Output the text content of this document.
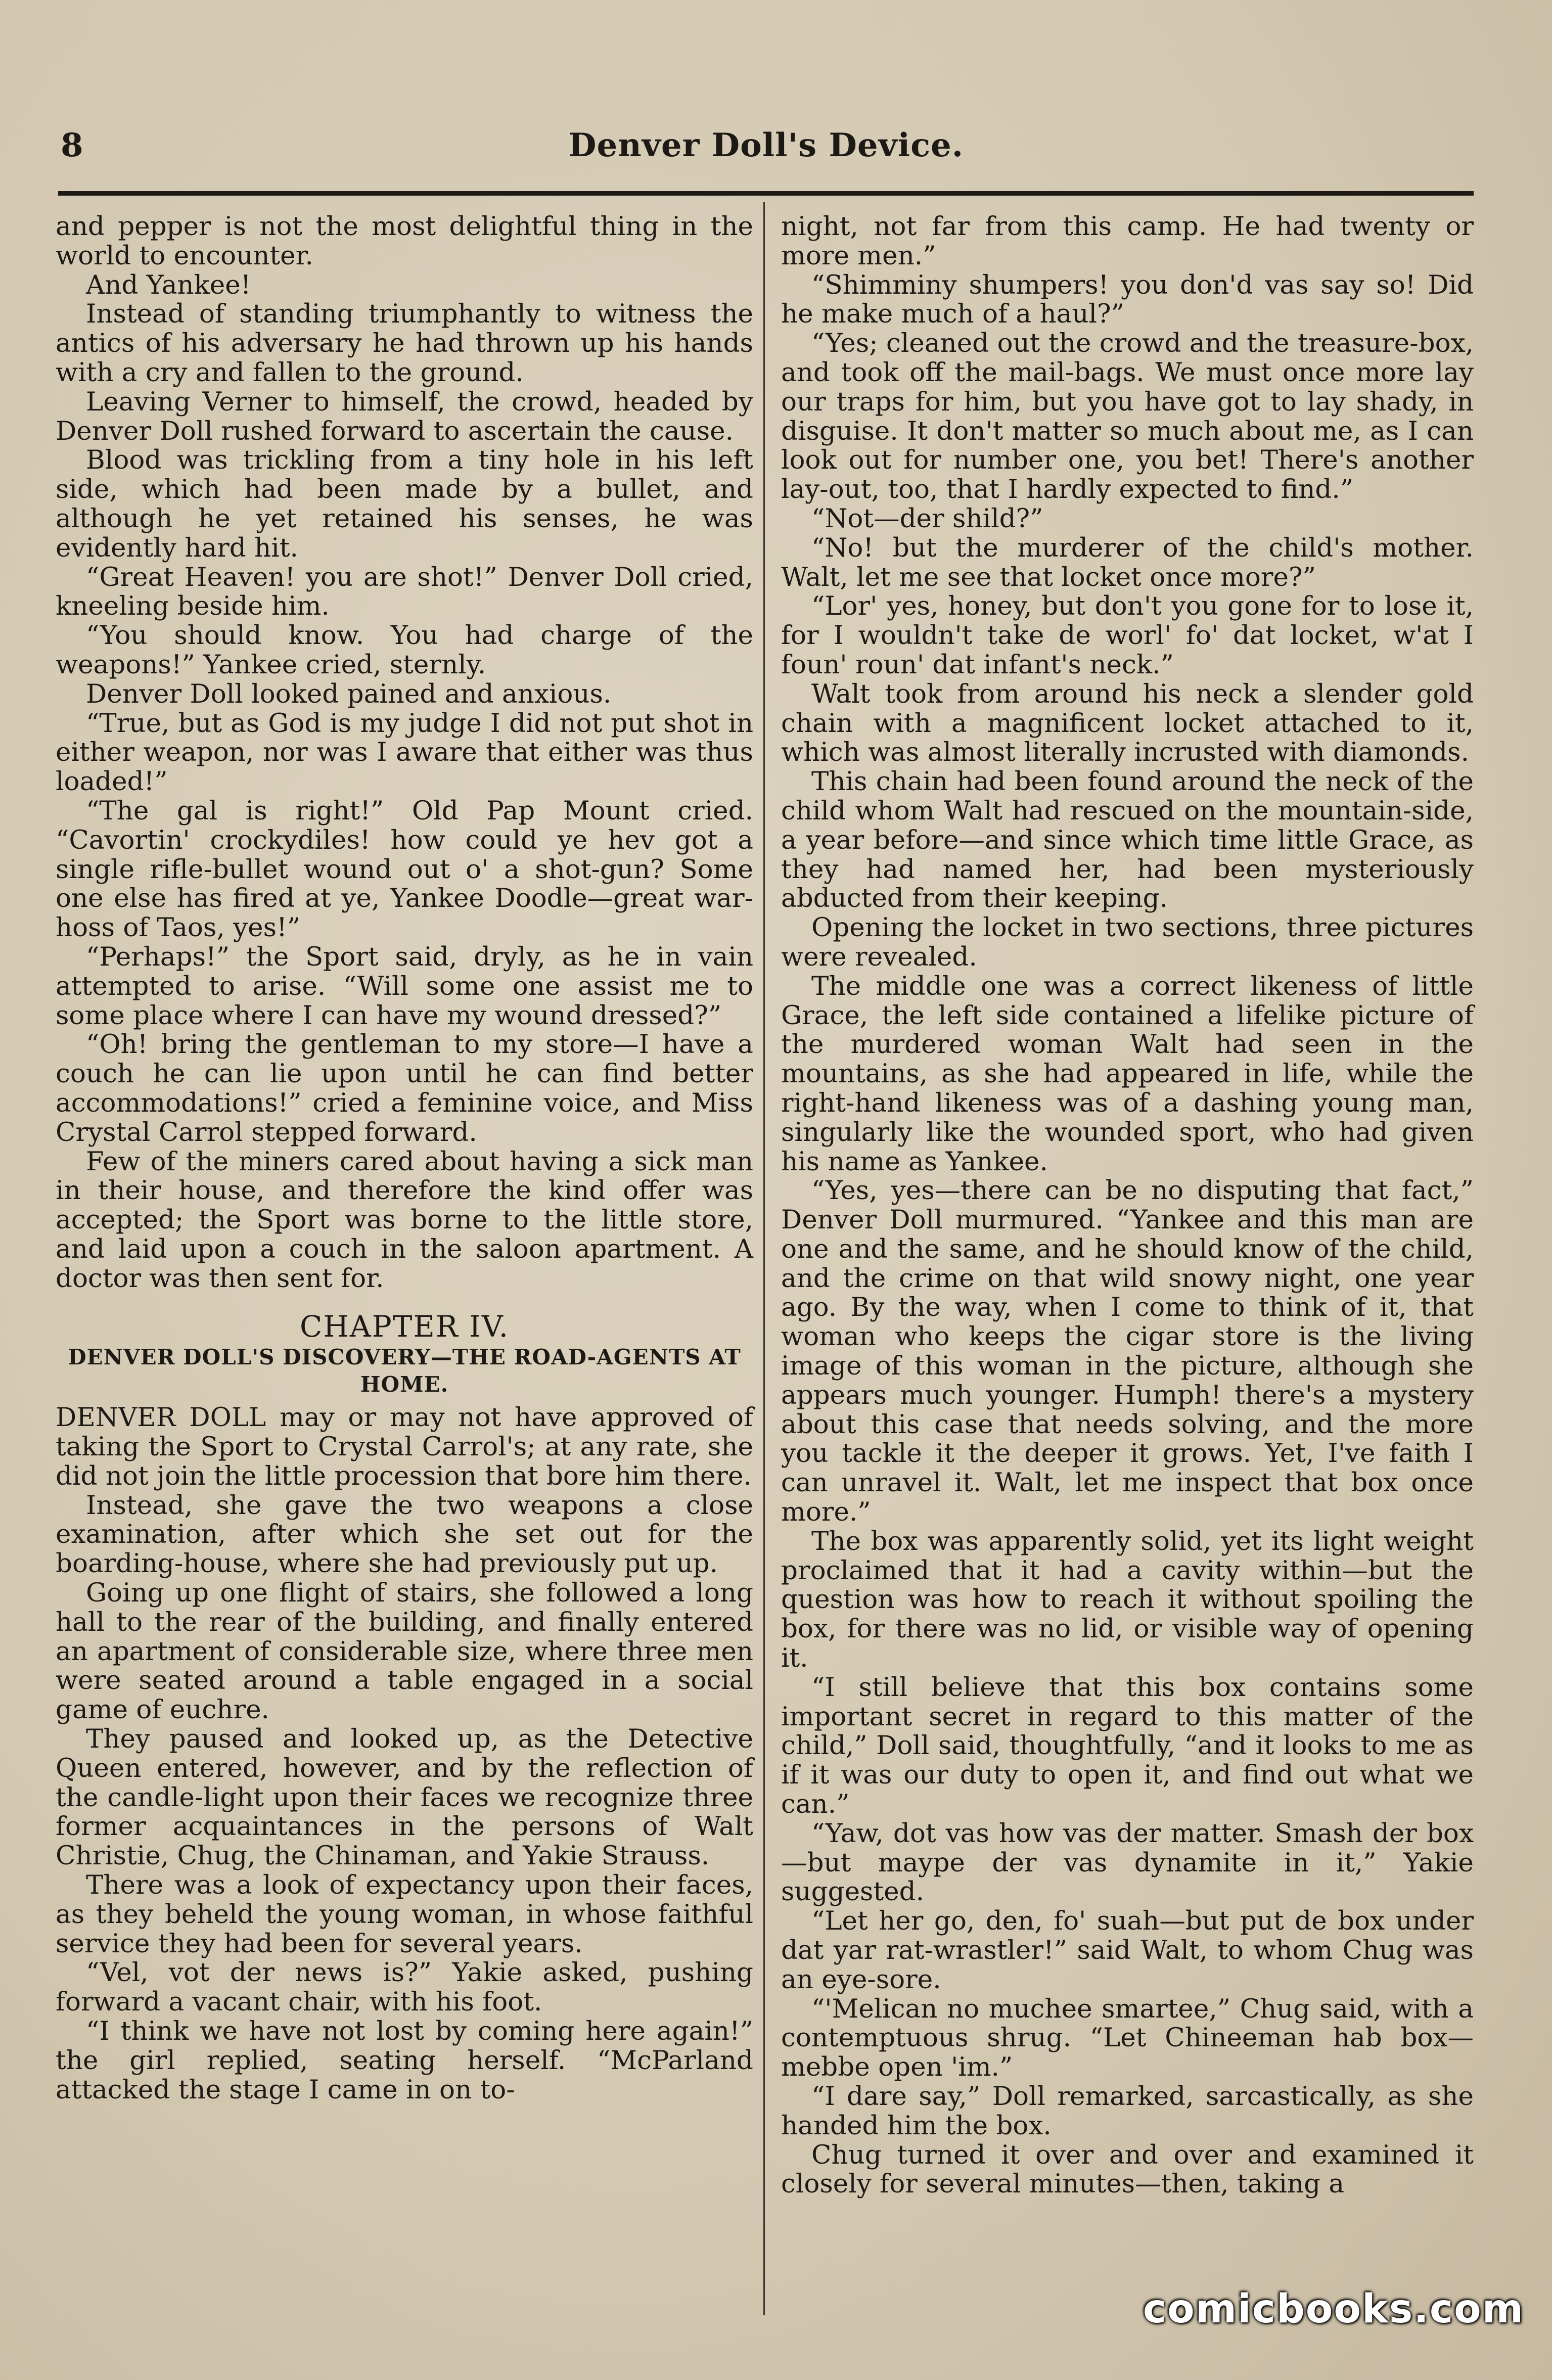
8	Denver Doll's Device.

and pepper is not the most delightful thing in the world to encounter.

And Yankee!

Instead of standing triumphantly to witness the antics of his adversary he had thrown up his hands with a cry and fallen to the ground.

Leaving Verner to himself, the crowd, headed by Denver Doll rushed forward to ascertain the cause.

Blood was trickling from a tiny hole in his left side, which had been made by a bullet, and although he yet retained his senses, he was evidently hard hit.

“Great Heaven! you are shot!” Denver Doll cried, kneeling beside him.

“You should know. You had charge of the weapons!” Yankee cried, sternly.

Denver Doll looked pained and anxious.

“True, but as God is my judge I did not put shot in either weapon, nor was I aware that either was thus loaded!”

“The gal is right!” Old Pap Mount cried. “Cavortin' crockydiles! how could ye hev got a single rifle-bullet wound out o' a shot-gun? Some one else has fired at ye, Yankee Doodle—great war-hoss of Taos, yes!”

“Perhaps!” the Sport said, dryly, as he in vain attempted to arise. “Will some one assist me to some place where I can have my wound dressed?”

“Oh! bring the gentleman to my store—I have a couch he can lie upon until he can find better accommodations!” cried a feminine voice, and Miss Crystal Carrol stepped forward.

Few of the miners cared about having a sick man in their house, and therefore the kind offer was accepted; the Sport was borne to the little store, and laid upon a couch in the saloon apartment. A doctor was then sent for.

CHAPTER IV.
DENVER DOLL'S DISCOVERY—THE ROAD-AGENTS AT HOME.

DENVER DOLL may or may not have approved of taking the Sport to Crystal Carrol's; at any rate, she did not join the little procession that bore him there.

Instead, she gave the two weapons a close examination, after which she set out for the boarding-house, where she had previously put up.

Going up one flight of stairs, she followed a long hall to the rear of the building, and finally entered an apartment of considerable size, where three men were seated around a table engaged in a social game of euchre.

They paused and looked up, as the Detective Queen entered, however, and by the reflection of the candle-light upon their faces we recognize three former acquaintances in the persons of Walt Christie, Chug, the Chinaman, and Yakie Strauss.

There was a look of expectancy upon their faces, as they beheld the young woman, in whose faithful service they had been for several years.

“Vel, vot der news is?” Yakie asked, pushing forward a vacant chair, with his foot.

“I think we have not lost by coming here again!” the girl replied, seating herself. “McParland attacked the stage I came in on to-

night, not far from this camp. He had twenty or more men.”

“Shimminy shumpers! you don'd vas say so! Did he make much of a haul?”

“Yes; cleaned out the crowd and the treasure-box, and took off the mail-bags. We must once more lay our traps for him, but you have got to lay shady, in disguise. It don't matter so much about me, as I can look out for number one, you bet! There's another lay-out, too, that I hardly expected to find.”

“Not—der shild?”

“No! but the murderer of the child's mother. Walt, let me see that locket once more?”

“Lor' yes, honey, but don't you gone for to lose it, for I wouldn't take de worl' fo' dat locket, w'at I foun' roun' dat infant's neck.”

Walt took from around his neck a slender gold chain with a magnificent locket attached to it, which was almost literally incrusted with diamonds.

This chain had been found around the neck of the child whom Walt had rescued on the mountain-side, a year before—and since which time little Grace, as they had named her, had been mysteriously abducted from their keeping.

Opening the locket in two sections, three pictures were revealed.

The middle one was a correct likeness of little Grace, the left side contained a lifelike picture of the murdered woman Walt had seen in the mountains, as she had appeared in life, while the right-hand likeness was of a dashing young man, singularly like the wounded sport, who had given his name as Yankee.

“Yes, yes—there can be no disputing that fact,” Denver Doll murmured. “Yankee and this man are one and the same, and he should know of the child, and the crime on that wild snowy night, one year ago. By the way, when I come to think of it, that woman who keeps the cigar store is the living image of this woman in the picture, although she appears much younger. Humph! there's a mystery about this case that needs solving, and the more you tackle it the deeper it grows. Yet, I've faith I can unravel it. Walt, let me inspect that box once more.”

The box was apparently solid, yet its light weight proclaimed that it had a cavity within—but the question was how to reach it without spoiling the box, for there was no lid, or visible way of opening it.

“I still believe that this box contains some important secret in regard to this matter of the child,” Doll said, thoughtfully, “and it looks to me as if it was our duty to open it, and find out what we can.”

“Yaw, dot vas how vas der matter. Smash der box—but maype der vas dynamite in it,” Yakie suggested.

“Let her go, den, fo' suah—but put de box under dat yar rat-wrastler!” said Walt, to whom Chug was an eye-sore.

“'Melican no muchee smartee,” Chug said, with a contemptuous shrug. “Let Chineeman hab box—mebbe open 'im.”

“I dare say,” Doll remarked, sarcastically, as she handed him the box.

Chug turned it over and over and examined it closely for several minutes—then, taking a

comicbooks.com
